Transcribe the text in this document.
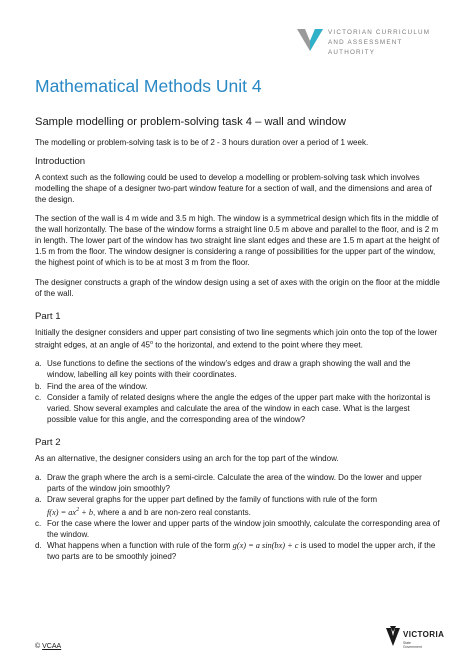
VICTORIAN CURRICULUM
AND ASSESSMENT AUTHORITY
Mathematical Methods Unit 4
Sample modelling or problem-solving task 4 – wall and window

The modelling or problem-solving task is to be of 2 - 3 hours duration over a period of 1 week.

Introduction

A context such as the following could be used to develop a modelling or problem-solving task which involves modelling the shape of a designer two-part window feature for a section of wall, and the dimensions and area of the design.

The section of the wall is 4 m wide and 3.5 m high. The window is a symmetrical design which fits in the middle of the wall horizontally. The base of the window forms a straight line 0.5 m above and parallel to the floor, and is 2 m in length. The lower part of the window has two straight line slant edges and these are 1.5 m apart at the height of 1.5 m from the floor. The window designer is considering a range of possibilities for the upper part of the window, the highest point of which is to be at most 3 m from the floor.

The designer constructs a graph of the window design using a set of axes with the origin on the floor at the middle of the wall.

Part 1

Initially the designer considers and upper part consisting of two line segments which join onto the top of the lower straight edges, at an angle of 45$^o$ to the horizontal, and extend to the point where they meet.

a. Use functions to define the sections of the window’s edges and draw a graph showing the wall and the window, labelling all key points with their coordinates.
b. Find the area of the window.
c. Consider a family of related designs where the angle the edges of the upper part make with the horizontal is varied. Show several examples and calculate the area of the window in each case. What is the largest possible value for this angle, and the corresponding area of the window?
Part 2

As an alternative, the designer considers using an arch for the top part of the window.

a. Draw the graph where the arch is a semi-circle. Calculate the area of the window. Do the lower and upper parts of the window join smoothly?
a. Draw several graphs for the upper part defined by the family of functions with rule of the form
$f(x) = ax^2 + b$, where a and b are non-zero real constants.
c. For the case where the lower and upper parts of the window join smoothly, calculate the corresponding area of the window.
d. What happens when a function with rule of the form g(x) = a sin(bx) + c is used to model the upper arch, if the two parts are to be smoothly joined?
© VCAA
VICTORIA
State
Government
